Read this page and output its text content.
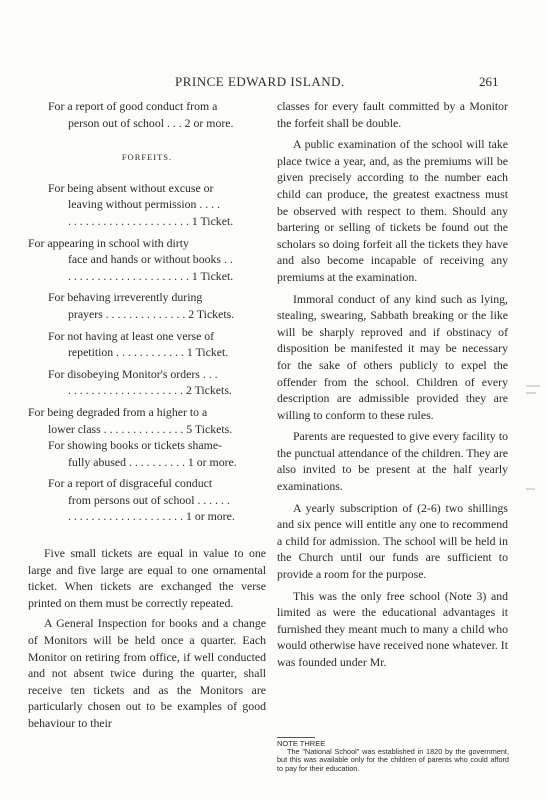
PRINCE EDWARD ISLAND.	261
For a report of good conduct from a
person out of school . . . 2 or more.
FORFEITS.
For being absent without excuse or
leaving without permission . . . .
. . . . . . . . . . . . . . . . . . . . . 1 Ticket.
For appearing in school with dirty
face and hands or without books . .
. . . . . . . . . . . . . . . . . . . . . 1 Ticket.
For behaving irreverently during
prayers . . . . . . . . . . . . . . 2 Tickets.
For not having at least one verse of
repetition . . . . . . . . . . . . 1 Ticket.
For disobeying Monitor's orders . . .
. . . . . . . . . . . . . . . . . . . . 2 Tickets.
For being degraded from a higher to a
lower class . . . . . . . . . . . . . . 5 Tickets.
For showing books or tickets shame-
fully abused . . . . . . . . . . 1 or more.
For a report of disgraceful conduct
from persons out of school . . . . . .
. . . . . . . . . . . . . . . . . . . . 1 or more.

Five small tickets are equal in value to one large and five large are equal to one ornamental ticket. When tickets are exchanged the verse printed on them must be correctly repeated.

A General Inspection for books and a change of Monitors will be held once a quarter. Each Monitor on retiring from office, if well conducted and not absent twice during the quarter, shall receive ten tickets and as the Monitors are particularly chosen out to be examples of good behaviour to their

classes for every fault committed by a Monitor the forfeit shall be double.

A public examination of the school will take place twice a year, and, as the premiums will be given precisely according to the number each child can produce, the greatest exactness must be observed with respect to them. Should any bartering or selling of tickets be found out the scholars so doing forfeit all the tickets they have and also become incapable of receiving any premiums at the examination.

Immoral conduct of any kind such as lying, stealing, swearing, Sabbath breaking or the like will be sharply reproved and if obstinacy of disposition be manifested it may be necessary for the sake of others publicly to expel the offender from the school. Children of every description are admissible provided they are willing to conform to these rules.

Parents are requested to give every facility to the punctual attendance of the children. They are also invited to be present at the half yearly examinations.

A yearly subscription of (2-6) two shillings and six pence will entitle any one to recommend a child for admission. The school will be held in the Church until our funds are sufficient to provide a room for the purpose.

This was the only free school (Note 3) and limited as were the educational advantages it furnished they meant much to many a child who would otherwise have received none whatever. It was founded under Mr.

NOTE THREE
The "National School" was established in 1820 by the government, but this was available only for the children of parents who could afford to pay for their education.
